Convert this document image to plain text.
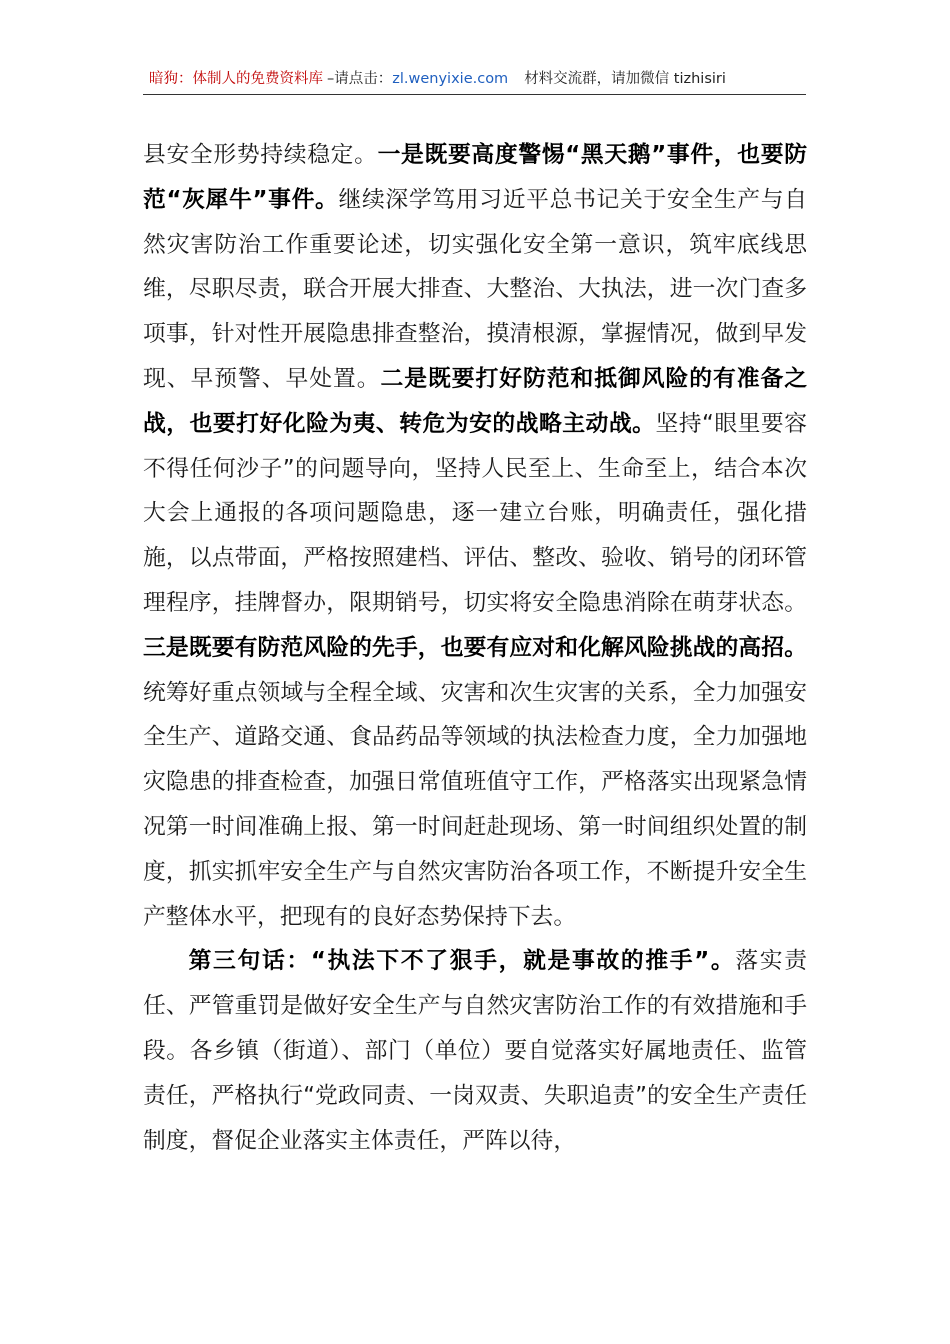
暗狗：体制人的免费资料库 –请点击：zl.wenyixie.com 材料交流群，请加微信 tizhisiri

县安全形势持续稳定。一是既要高度警惕“黑天鹅”事件，也要防范“灰犀牛”事件。继续深学笃用习近平总书记关于安全生产与自然灾害防治工作重要论述，切实强化安全第一意识，筑牢底线思维，尽职尽责，联合开展大排查、大整治、大执法，进一次门查多项事，针对性开展隐患排查整治，摸清根源，掌握情况，做到早发现、早预警、早处置。二是既要打好防范和抵御风险的有准备之战，也要打好化险为夷、转危为安的战略主动战。坚持“眼里要容不得任何沙子”的问题导向，坚持人民至上、生命至上，结合本次大会上通报的各项问题隐患，逐一建立台账，明确责任，强化措施，以点带面，严格按照建档、评估、整改、验收、销号的闭环管理程序，挂牌督办，限期销号，切实将安全隐患消除在萌芽状态。三是既要有防范风险的先手，也要有应对和化解风险挑战的高招。统筹好重点领域与全程全域、灾害和次生灾害的关系，全力加强安全生产、道路交通、食品药品等领域的执法检查力度，全力加强地灾隐患的排查检查，加强日常值班值守工作，严格落实出现紧急情况第一时间准确上报、第一时间赶赴现场、第一时间组织处置的制度，抓实抓牢安全生产与自然灾害防治各项工作，不断提升安全生产整体水平，把现有的良好态势保持下去。

第三句话：“执法下不了狠手，就是事故的推手”。落实责任、严管重罚是做好安全生产与自然灾害防治工作的有效措施和手段。各乡镇（街道）、部门（单位）要自觉落实好属地责任、监管责任，严格执行“党政同责、一岗双责、失职追责”的安全生产责任制度，督促企业落实主体责任，严阵以待，
